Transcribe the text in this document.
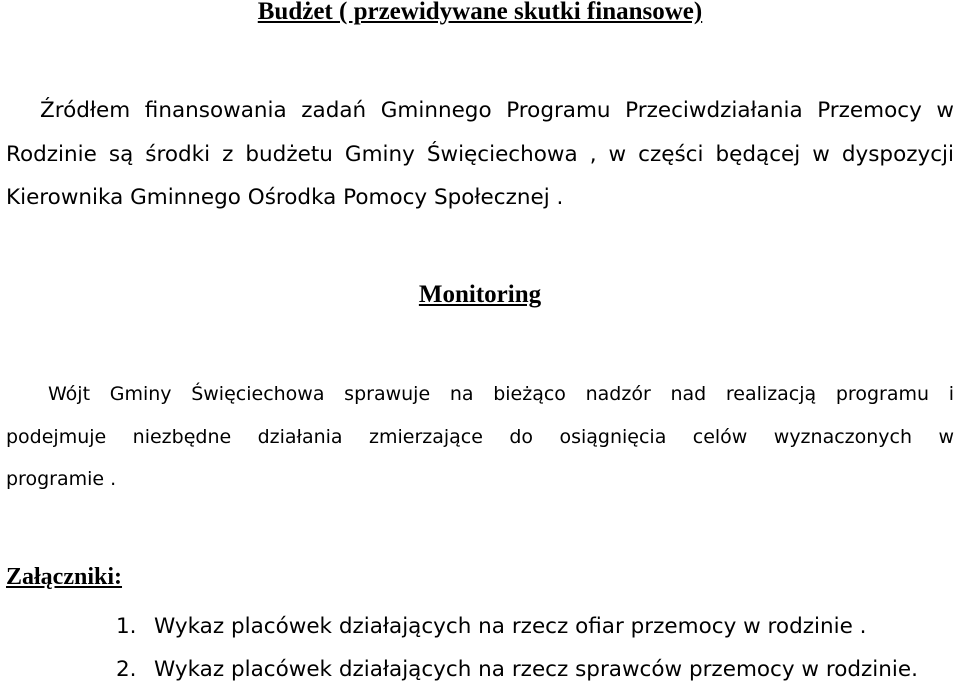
Budżet ( przewidywane skutki finansowe)
Źródłem finansowania zadań Gminnego Programu Przeciwdziałania Przemocy w
Rodzinie są środki z budżetu Gminy Święciechowa , w części będącej w dyspozycji
Kierownika Gminnego Ośrodka Pomocy Społecznej .
Monitoring
Wójt Gminy Święciechowa sprawuje na bieżąco nadzór nad realizacją programu i
podejmuje niezbędne działania zmierzające do osiągnięcia celów wyznaczonych w
programie .
Załączniki:
1. Wykaz placówek działających na rzecz ofiar przemocy w rodzinie .
2. Wykaz placówek działających na rzecz sprawców przemocy w rodzinie.
